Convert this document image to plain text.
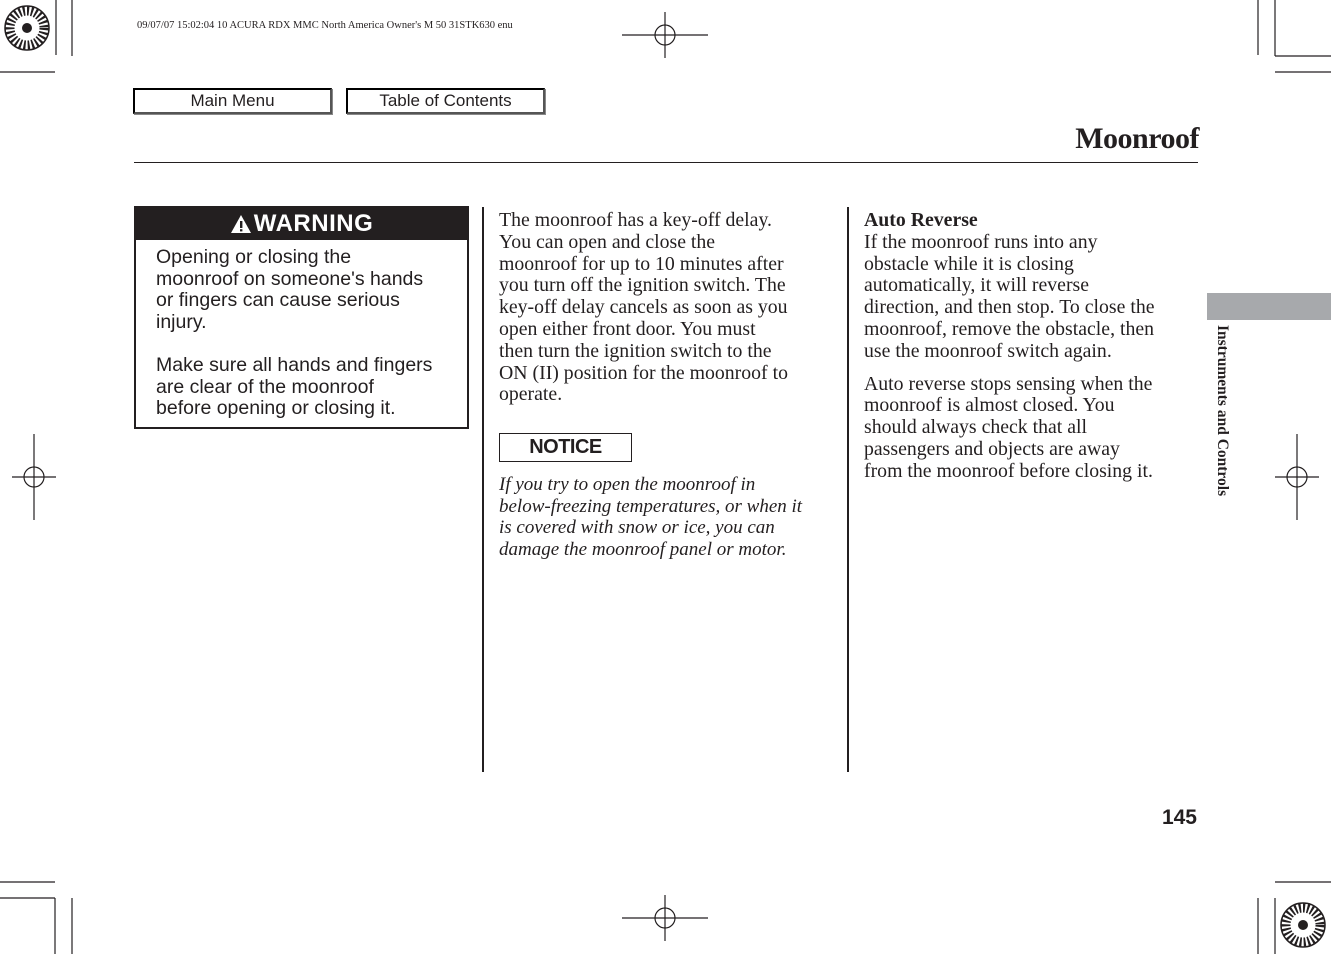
09/07/07 15:02:04 10 ACURA RDX MMC North America Owner's M 50 31STK630 enu
Main Menu	Table of Contents
Moonroof
WARNING
Opening or closing the
moonroof on someone's hands
or fingers can cause serious
injury.
Make sure all hands and fingers
are clear of the moonroof
before opening or closing it.
The moonroof has a key-off delay.
You can open and close the
moonroof for up to 10 minutes after
you turn off the ignition switch. The
key-off delay cancels as soon as you
open either front door. You must
then turn the ignition switch to the
ON (II) position for the moonroof to
operate.
NOTICE
If you try to open the moonroof in
below-freezing temperatures, or when it
is covered with snow or ice, you can
damage the moonroof panel or motor.
Auto Reverse
If the moonroof runs into any
obstacle while it is closing
automatically, it will reverse
direction, and then stop. To close the
moonroof, remove the obstacle, then
use the moonroof switch again.
Auto reverse stops sensing when the
moonroof is almost closed. You
should always check that all
passengers and objects are away
from the moonroof before closing it.	Instruments and Controls
145
